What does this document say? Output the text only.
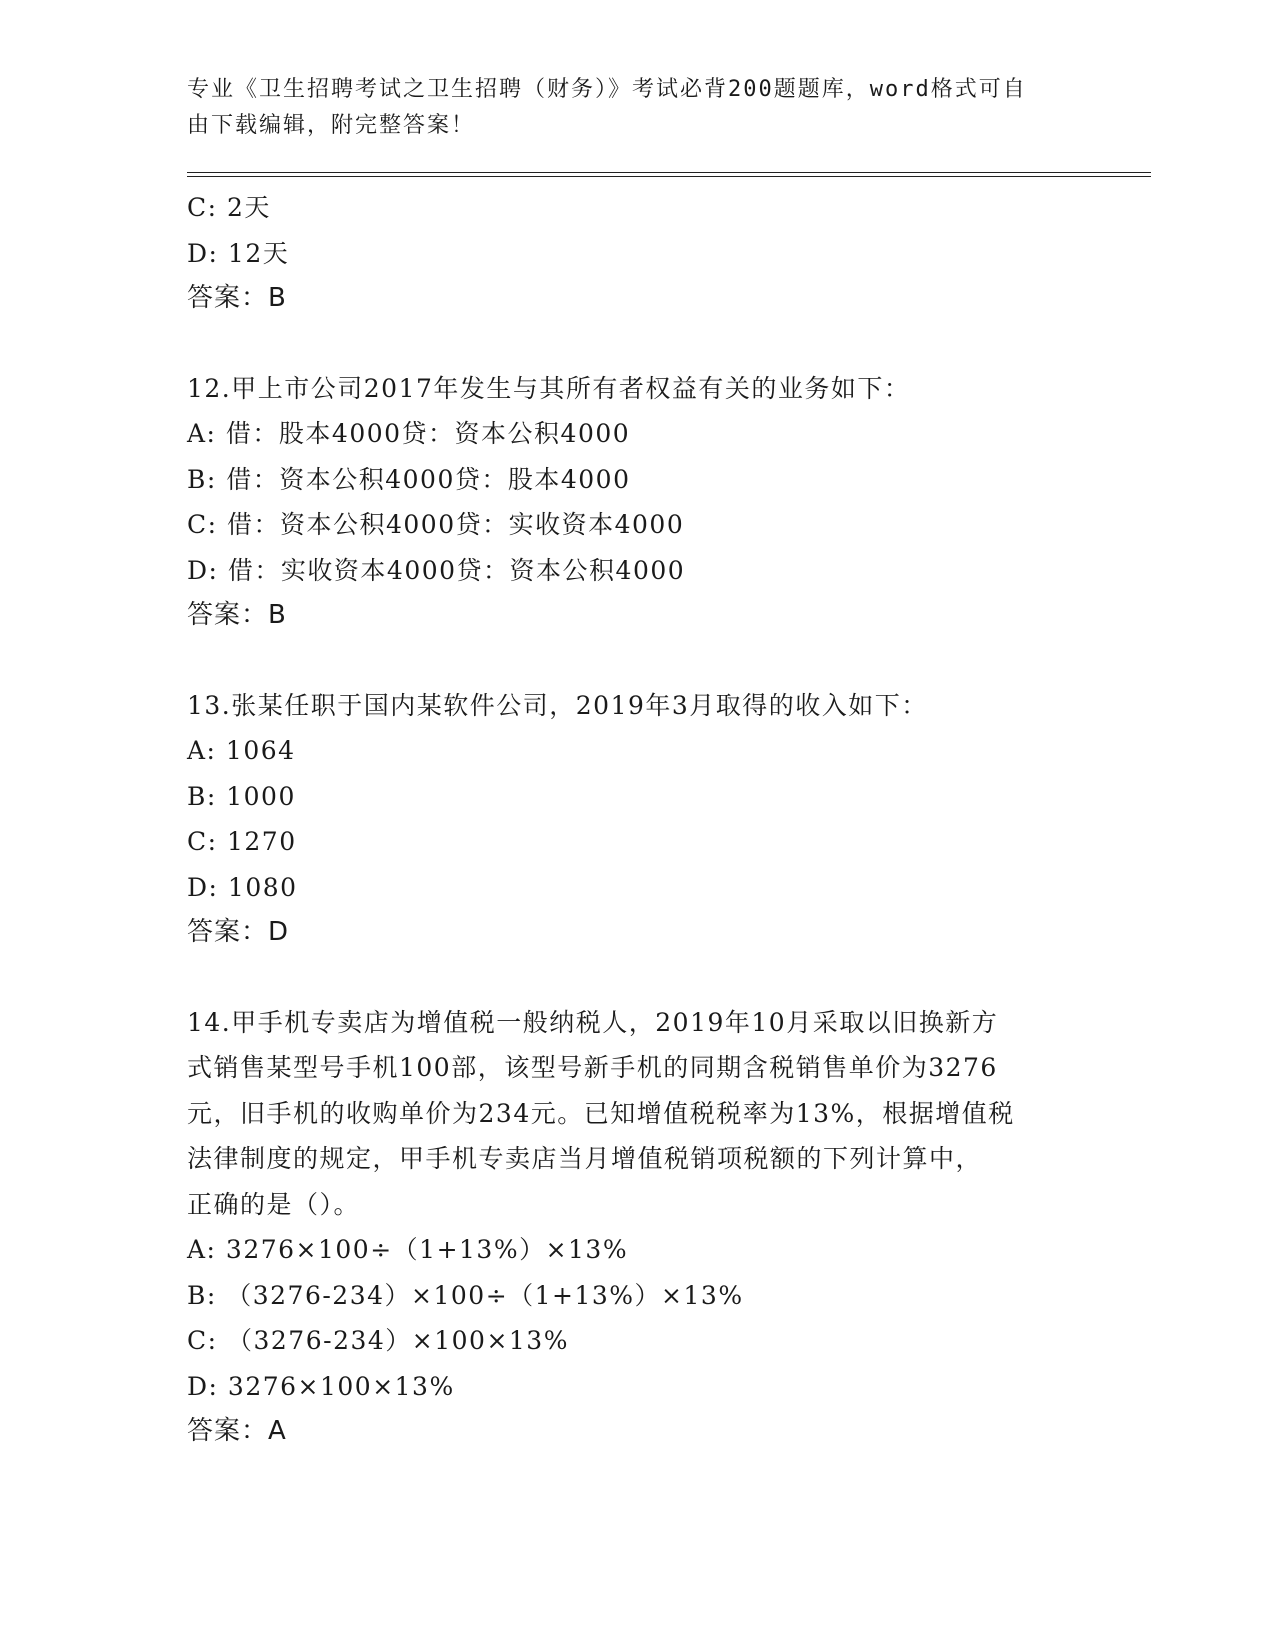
专业《卫生招聘考试之卫生招聘（财务）》考试必背200题题库，word格式可自
由下载编辑，附完整答案！
C: 2天
D: 12天
答案：B
12.甲上市公司2017年发生与其所有者权益有关的业务如下：
A: 借：股本4000贷：资本公积4000
B: 借：资本公积4000贷：股本4000
C: 借：资本公积4000贷：实收资本4000
D: 借：实收资本4000贷：资本公积4000
答案：B
13.张某任职于国内某软件公司，2019年3月取得的收入如下：
A: 1064
B: 1000
C: 1270
D: 1080
答案：D
14.甲手机专卖店为增值税一般纳税人，2019年10月采取以旧换新方
式销售某型号手机100部，该型号新手机的同期含税销售单价为3276
元，旧手机的收购单价为234元。已知增值税税率为13%，根据增值税
法律制度的规定，甲手机专卖店当月增值税销项税额的下列计算中，
正确的是（）。
A: 3276×100÷（1+13%）×13%
B: （3276-234）×100÷（1+13%）×13%
C: （3276-234）×100×13%
D: 3276×100×13%
答案：A
